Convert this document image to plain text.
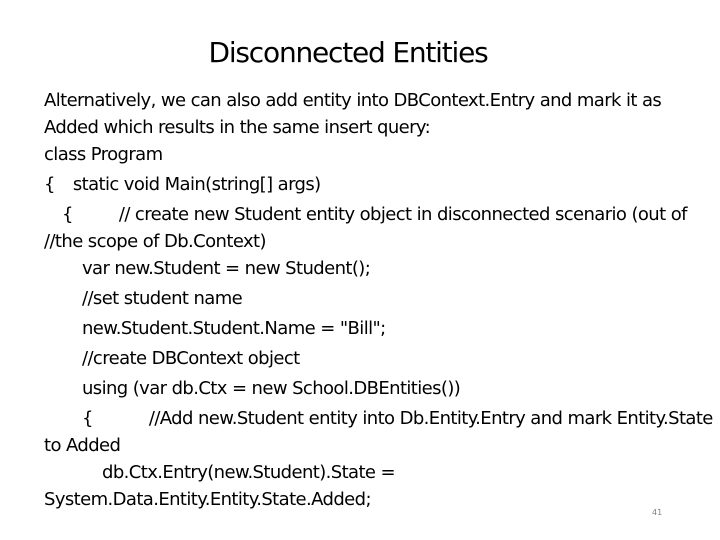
Disconnected Entities
Alternatively, we can also add entity into DBContext.Entry and mark it as
Added which results in the same insert query:
class Program
{ static void Main(string[] args)
{	// create new Student entity object in disconnected scenario (out of
//the scope of Db.Context)
var new.Student = new Student();
//set student name
new.Student.Student.Name = "Bill";
//create DBContext object
using (var db.Ctx = new School.DBEntities())
{	//Add new.Student entity into Db.Entity.Entry and mark Entity.State
to Added
db.Ctx.Entry(new.Student).State =
System.Data.Entity.Entity.State.Added;
41
